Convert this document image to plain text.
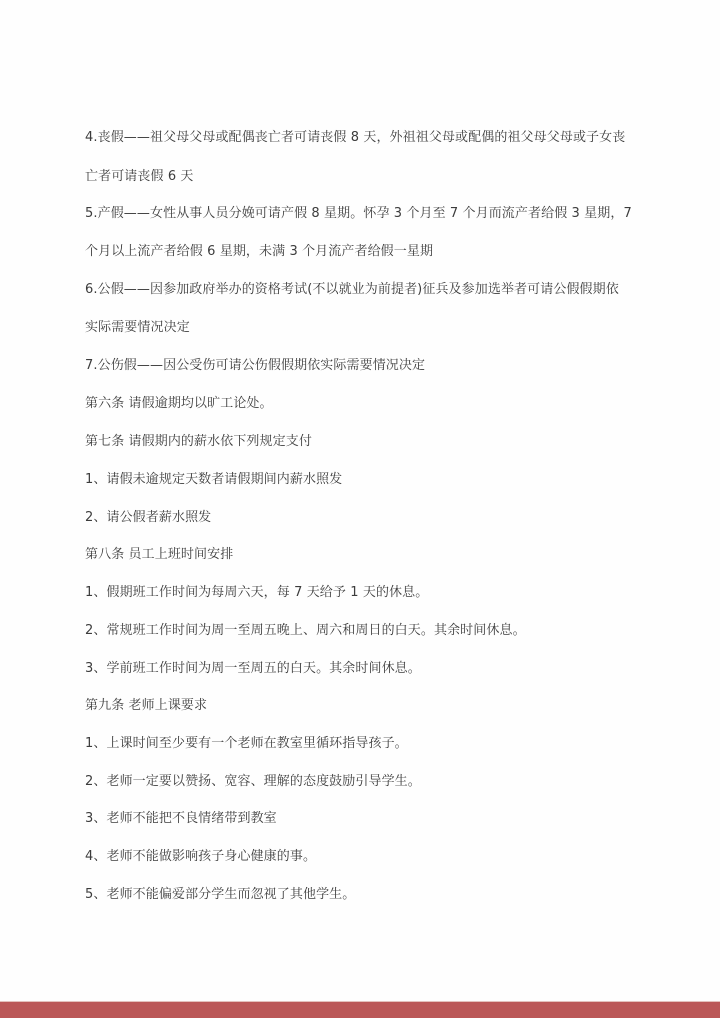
4.丧假——祖父母父母或配偶丧亡者可请丧假 8 天，外祖祖父母或配偶的祖父母父母或子女丧
亡者可请丧假 6 天
5.产假——女性从事人员分娩可请产假 8 星期。怀孕 3 个月至 7 个月而流产者给假 3 星期，7
个月以上流产者给假 6 星期，未满 3 个月流产者给假一星期
6.公假——因参加政府举办的资格考试(不以就业为前提者)征兵及参加选举者可请公假假期依
实际需要情况决定
7.公伤假——因公受伤可请公伤假假期依实际需要情况决定
第六条 请假逾期均以旷工论处。
第七条 请假期内的薪水依下列规定支付
1、请假未逾规定天数者请假期间内薪水照发
2、请公假者薪水照发
第八条 员工上班时间安排
1、假期班工作时间为每周六天，每 7 天给予 1 天的休息。
2、常规班工作时间为周一至周五晚上、周六和周日的白天。其余时间休息。
3、学前班工作时间为周一至周五的白天。其余时间休息。
第九条 老师上课要求
1、上课时间至少要有一个老师在教室里循环指导孩子。
2、老师一定要以赞扬、宽容、理解的态度鼓励引导学生。
3、老师不能把不良情绪带到教室
4、老师不能做影响孩子身心健康的事。
5、老师不能偏爱部分学生而忽视了其他学生。
